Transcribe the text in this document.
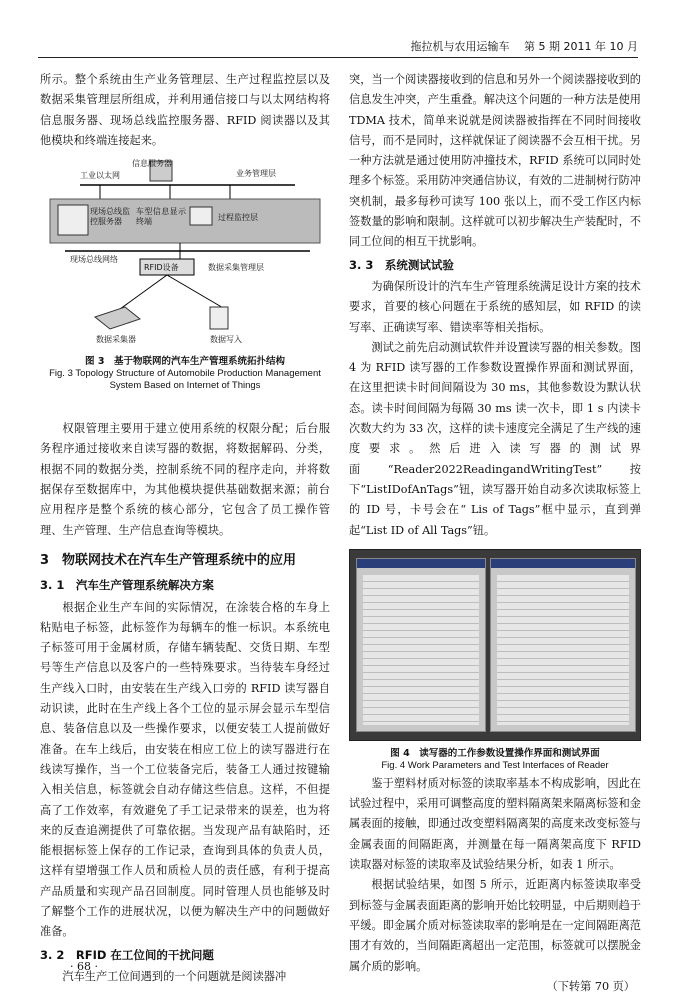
拖拉机与农用运输车　 第 5 期 2011 年 10 月

所示。整个系统由生产业务管理层、生产过程监控层以及数据采集管理层所组成，并利用通信接口与以太网结构将信息服务器、现场总线监控服务器、RFID 阅读器以及其他模块和终端连接起来。

信息服务器
工业以太网	业务管理层
现场总线监控服务器
车型信息显示终端	过程监控层
现场总线网络
RFID设备	数据采集管理层
数据采集器	数据写入
图 3　基于物联网的汽车生产管理系统拓扑结构
Fig. 3 Topology Structure of Automobile Production Management System Based on Internet of Things

权限管理主要用于建立使用系统的权限分配；后台服务程序通过接收来自读写器的数据，将数据解码、分类，根据不同的数据分类，控制系统不同的程序走向，并将数据保存至数据库中，为其他模块提供基础数据来源；前台应用程序是整个系统的核心部分，它包含了员工操作管理、生产管理、生产信息查询等模块。

3　物联网技术在汽车生产管理系统中的应用
3. 1　汽车生产管理系统解决方案

根据企业生产车间的实际情况，在涂装合格的车身上粘贴电子标签，此标签作为每辆车的惟一标识。本系统电子标签可用于金属材质，存储车辆装配、交货日期、车型号等生产信息以及客户的一些特殊要求。当待装车身经过生产线入口时，由安装在生产线入口旁的 RFID 读写器自动识读，此时在生产线上各个工位的显示屏会显示车型信息、装备信息以及一些操作要求，以便安装工人提前做好准备。在车上线后，由安装在相应工位上的读写器进行在线读写操作，当一个工位装备完后，装备工人通过按键输入相关信息，标签就会自动存储这些信息。这样，不但提高了工作效率，有效避免了手工记录带来的误差，也为将来的反查追溯提供了可靠依据。当发现产品有缺陷时，还能根据标签上保存的工作记录，查询到具体的负责人员，这样有望增强工作人员和质检人员的责任感，有利于提高产品质量和实现产品召回制度。同时管理人员也能够及时了解整个工作的进展状况，以便为解决生产中的问题做好准备。

3. 2　RFID 在工位间的干扰问题

汽车生产工位间遇到的一个问题就是阅读器冲

突，当一个阅读器接收到的信息和另外一个阅读器接收到的信息发生冲突，产生重叠。解决这个问题的一种方法是使用 TDMA 技术，简单来说就是阅读器被指挥在不同时间接收信号，而不是同时，这样就保证了阅读器不会互相干扰。另一种方法就是通过使用防冲撞技术，RFID 系统可以同时处理多个标签。采用防冲突通信协议，有效的二进制树行防冲突机制，最多每秒可读写 100 张以上，而不受工作区内标签数量的影响和限制。这样就可以初步解决生产装配时，不同工位间的相互干扰影响。

3. 3　系统测试试验

为确保所设计的汽车生产管理系统满足设计方案的技术要求，首要的核心问题在于系统的感知层，如 RFID 的读写率、正确读写率、错读率等相关指标。

测试之前先启动测试软件并设置读写器的相关参数。图 4 为 RFID 读写器的工作参数设置操作界面和测试界面，在这里把读卡时间间隔设为 30 ms，其他参数设为默认状态。读卡时间间隔为每隔 30 ms 读一次卡，即 1 s 内读卡次数大约为 33 次，这样的读卡速度完全满足了生产线的速度要求。然后进入读写器的测试界面“Reader2022ReadingandWritingTest”按下“ListIDofAnTags”钮，读写器开始自动多次读取标签上的 ID 号，卡号会在“ Lis of Tags”框中显示，直到弹起“List ID of All Tags”钮。

图 4　读写器的工作参数设置操作界面和测试界面
Fig. 4 Work Parameters and Test Interfaces of Reader

鉴于塑料材质对标签的读取率基本不构成影响，因此在试验过程中，采用可调整高度的塑料隔离架来隔离标签和金属表面的接触，即通过改变塑料隔离架的高度来改变标签与金属表面的间隔距离，并测量在每一隔离架高度下 RFID 读取器对标签的读取率及试验结果分析，如表 1 所示。

根据试验结果，如图 5 所示，近距离内标签读取率受到标签与金属表面距离的影响开始比较明显，中后期则趋于平缓。即金属介质对标签读取率的影响是在一定间隔距离范围才有效的，当间隔距离超出一定范围，标签就可以摆脱金属介质的影响。

（下转第 70 页）
· 68 ·
